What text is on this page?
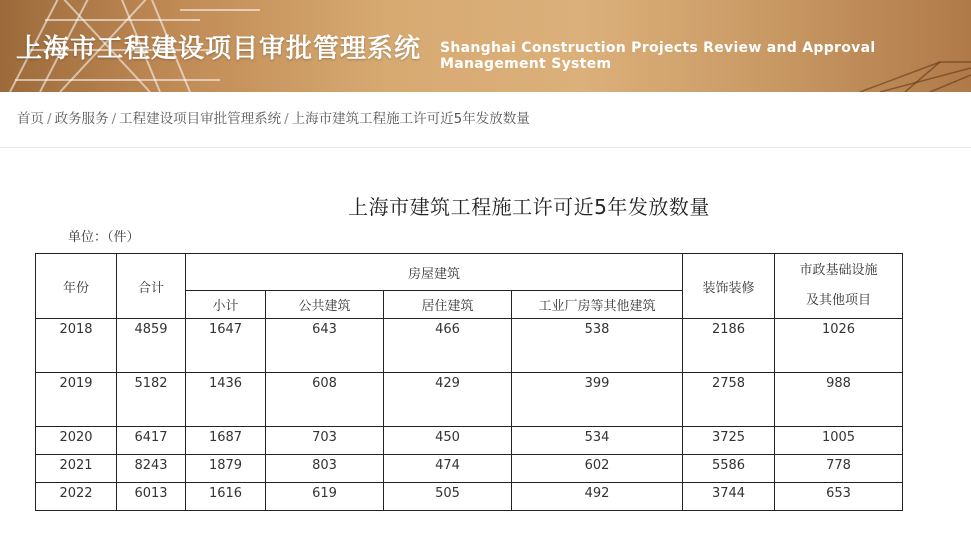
上海市工程建设项目审批管理系统 Shanghai Construction Projects Review and Approval Management System
首页 / 政务服务 / 工程建设项目审批管理系统 / 上海市建筑工程施工许可近5年发放数量
上海市建筑工程施工许可近5年发放数量
单位：（件）
年份	合计	房屋建筑				装饰装修	市政基础设施
及其他项目

		小计	公共建筑	居住建筑	工业厂房等其他建筑		
2018	4859	1647	643	466	538	2186	1026
2019	5182	1436	608	429	399	2758	988
2020	6417	1687	703	450	534	3725	1005
2021	8243	1879	803	474	602	5586	778
2022	6013	1616	619	505	492	3744	653
